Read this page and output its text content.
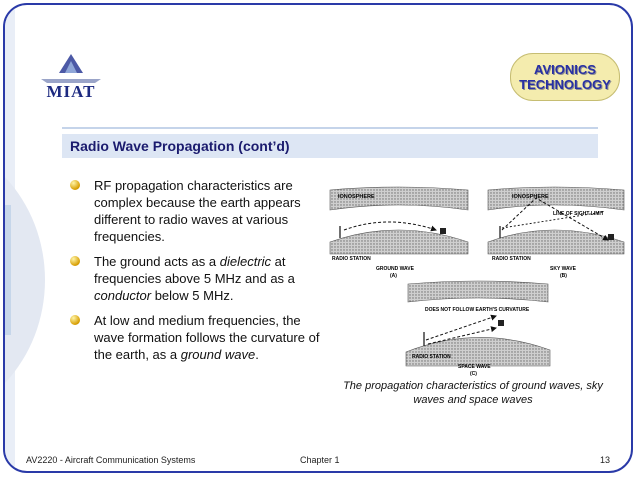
MIAT
AVIONICS
TECHNOLOGY
Radio Wave Propagation (cont’d)
RF propagation characteristics are complex because the earth appears different to radio waves at various frequencies.
The ground acts as a dielectric at frequencies above 5 MHz and as a conductor below 5 MHz.
At low and medium frequencies, the wave formation follows the curvature of the earth, as a ground wave.
IONOSPHERE
RADIO STATION
GROUND WAVE
(A)
IONOSPHERE
LINE OF SIGHT LIMIT
RADIO STATION
SKY WAVE
(B)
DOES NOT FOLLOW EARTH'S CURVATURE
RADIO STATION
SPACE WAVE
(C)
The propagation characteristics of ground waves, sky waves and space waves
AV2220 - Aircraft Communication Systems	Chapter 1	13
